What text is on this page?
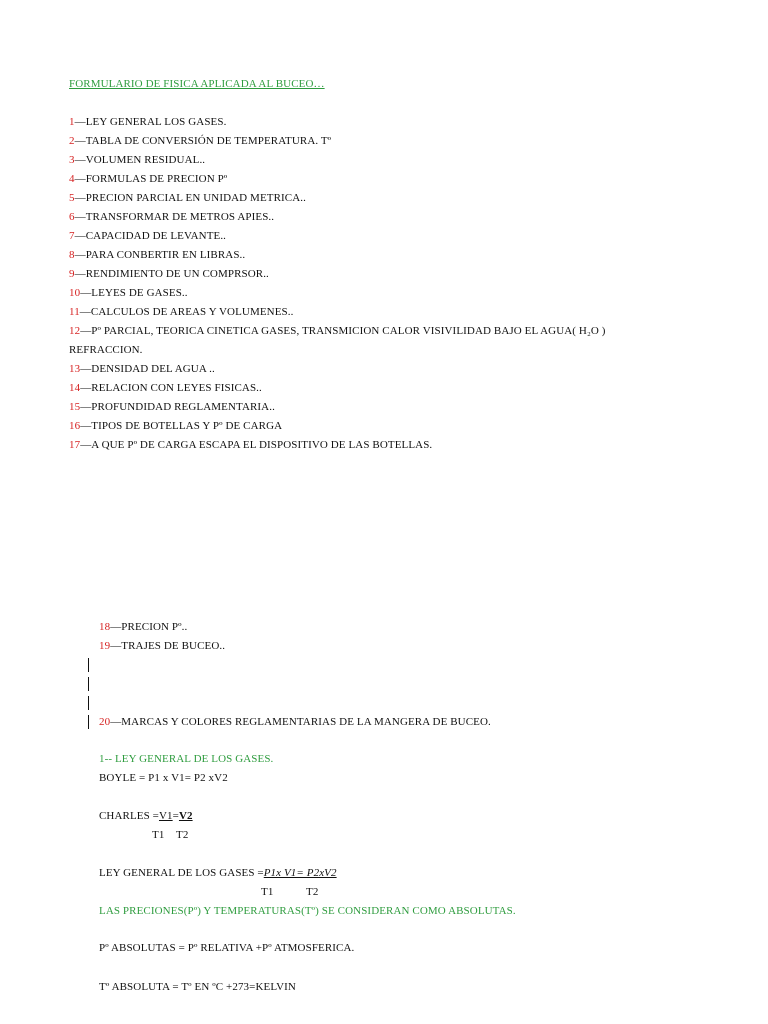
FORMULARIO DE FISICA APLICADA AL BUCEO…
1—LEY GENERAL LOS GASES.
2—TABLA DE CONVERSIÓN DE TEMPERATURA. Tº
3—VOLUMEN RESIDUAL..
4—FORMULAS DE PRECION Pº
5—PRECION PARCIAL EN UNIDAD METRICA..
6—TRANSFORMAR DE METROS APIES..
7—CAPACIDAD DE LEVANTE..
8—PARA CONBERTIR EN LIBRAS..
9—RENDIMIENTO DE UN COMPRSOR..
10—LEYES DE GASES..
11—CALCULOS DE AREAS Y VOLUMENES..
12—Pº PARCIAL, TEORICA CINETICA GASES, TRANSMICION CALOR VISIVILIDAD BAJO EL AGUA( H₂O )
REFRACCION.
13—DENSIDAD DEL AGUA ..
14—RELACION CON LEYES FISICAS..
15—PROFUNDIDAD REGLAMENTARIA..
16—TIPOS DE BOTELLAS Y Pº DE CARGA
17—A QUE Pº DE CARGA ESCAPA EL DISPOSITIVO DE LAS BOTELLAS.
18—PRECION Pº..
19—TRAJES DE BUCEO..
20—MARCAS Y COLORES REGLAMENTARIAS DE LA MANGERA DE BUCEO.
1-- LEY GENERAL DE LOS GASES.
BOYLE = P1 x V1= P2 xV2
CHARLES =V1=V2
T1 T2
LEY GENERAL DE LOS GASES =P1x V1= P2xV2
T1	T2
LAS PRECIONES(Pº) Y TEMPERATURAS(Tº) SE CONSIDERAN COMO ABSOLUTAS.
Pº ABSOLUTAS = Pº RELATIVA +Pº ATMOSFERICA.
Tº ABSOLUTA = Tº EN ºC +273=KELVIN
